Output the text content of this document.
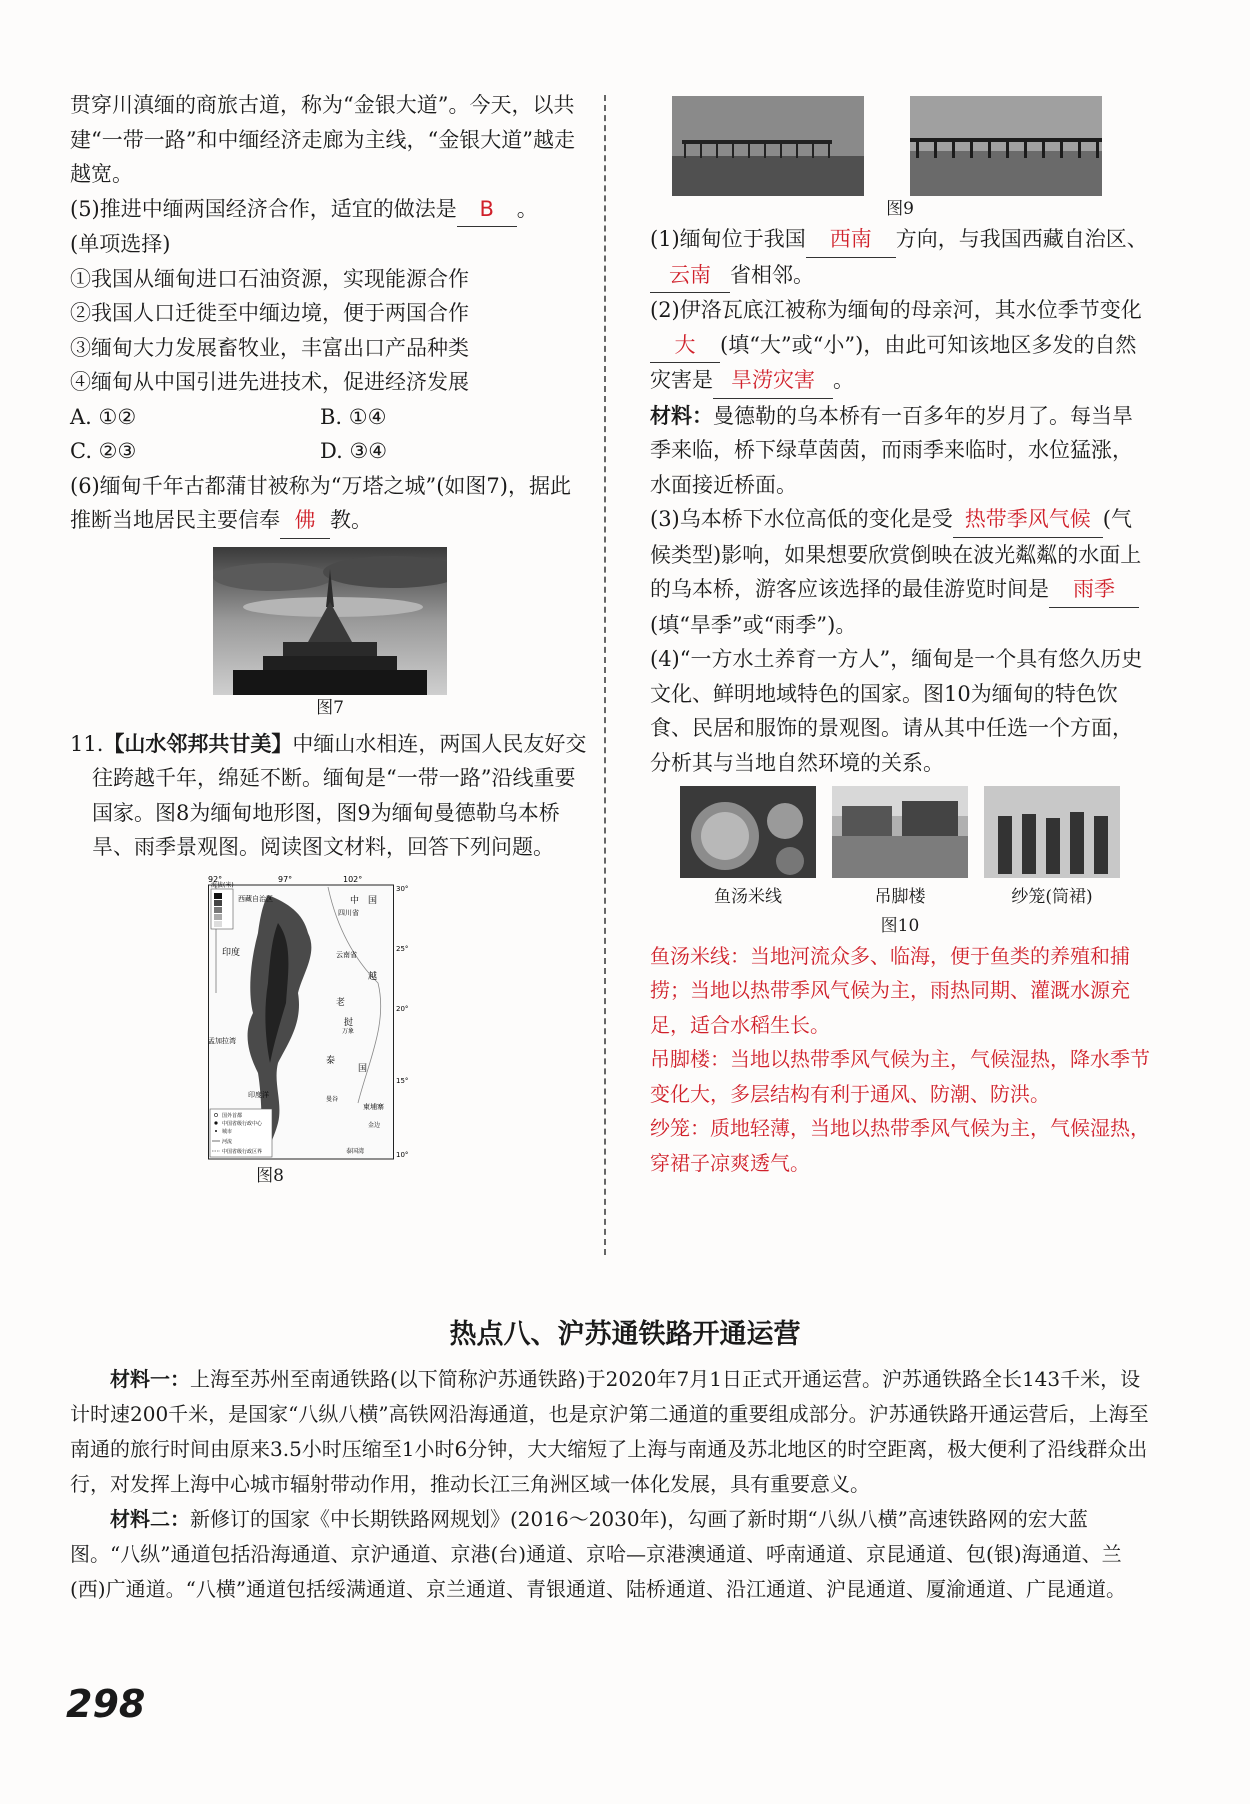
贯穿川滇缅的商旅古道，称为“金银大道”。今天，以共建“一带一路”和中缅经济走廊为主线，“金银大道”越走越宽。

(5)推进中缅两国经济合作，适宜的做法是 B 。

(单项选择)

①我国从缅甸进口石油资源，实现能源合作

②我国人口迁徙至中缅边境，便于两国合作

③缅甸大力发展畜牧业，丰富出口产品种类

④缅甸从中国引进先进技术，促进经济发展

A. ①②	B. ①④
C. ②③	D. ③④

(6)缅甸千年古都蒲甘被称为“万塔之城”(如图7)，据此推断当地居民主要信奉 佛 教。

图7

11.【山水邻邦共甘美】中缅山水相连，两国人民友好交往跨越千年，绵延不断。缅甸是“一带一路”沿线重要国家。图8为缅甸地形图，图9为缅甸曼德勒乌本桥旱、雨季景观图。阅读图文材料，回答下列问题。

海拔(米)
92°	97°	102°
30°
25°
20°
15°
10°
中 国
西藏自治区
四川省
印度	云南省
越
老
挝
孟加拉湾
泰
国
印度洋
柬埔寨
万象
曼谷
金边
泰国湾
国外首都
中国省级行政中心
城市
河流
中国省级行政区界

图8

图9

(1)缅甸位于我国 西南 方向，与我国西藏自治区、云南 省相邻。

(2)伊洛瓦底江被称为缅甸的母亲河，其水位季节变化大 (填“大”或“小”)，由此可知该地区多发的自然灾害是 旱涝灾害 。

材料：曼德勒的乌本桥有一百多年的岁月了。每当旱季来临，桥下绿草茵茵，而雨季来临时，水位猛涨，水面接近桥面。

(3)乌本桥下水位高低的变化是受 热带季风气候 (气候类型)影响，如果想要欣赏倒映在波光粼粼的水面上的乌本桥，游客应该选择的最佳游览时间是 雨季(填“旱季”或“雨季”)。

(4)“一方水土养育一方人”，缅甸是一个具有悠久历史文化、鲜明地域特色的国家。图10为缅甸的特色饮食、民居和服饰的景观图。请从其中任选一个方面，分析其与当地自然环境的关系。

鱼汤米线	吊脚楼	纱笼(筒裙)

图10

鱼汤米线：当地河流众多、临海，便于鱼类的养殖和捕捞；当地以热带季风气候为主，雨热同期、灌溉水源充足，适合水稻生长。

吊脚楼：当地以热带季风气候为主，气候湿热，降水季节变化大，多层结构有利于通风、防潮、防洪。

纱笼：质地轻薄，当地以热带季风气候为主，气候湿热，穿裙子凉爽透气。

热点八、沪苏通铁路开通运营

材料一：上海至苏州至南通铁路(以下简称沪苏通铁路)于2020年7月1日正式开通运营。沪苏通铁路全长143千米，设计时速200千米，是国家“八纵八横”高铁网沿海通道，也是京沪第二通道的重要组成部分。沪苏通铁路开通运营后，上海至南通的旅行时间由原来3.5小时压缩至1小时6分钟，大大缩短了上海与南通及苏北地区的时空距离，极大便利了沿线群众出行，对发挥上海中心城市辐射带动作用，推动长江三角洲区域一体化发展，具有重要意义。

材料二：新修订的国家《中长期铁路网规划》(2016～2030年)，勾画了新时期“八纵八横”高速铁路网的宏大蓝图。“八纵”通道包括沿海通道、京沪通道、京港(台)通道、京哈—京港澳通道、呼南通道、京昆通道、包(银)海通道、兰(西)广通道。“八横”通道包括绥满通道、京兰通道、青银通道、陆桥通道、沿江通道、沪昆通道、厦渝通道、广昆通道。

298
